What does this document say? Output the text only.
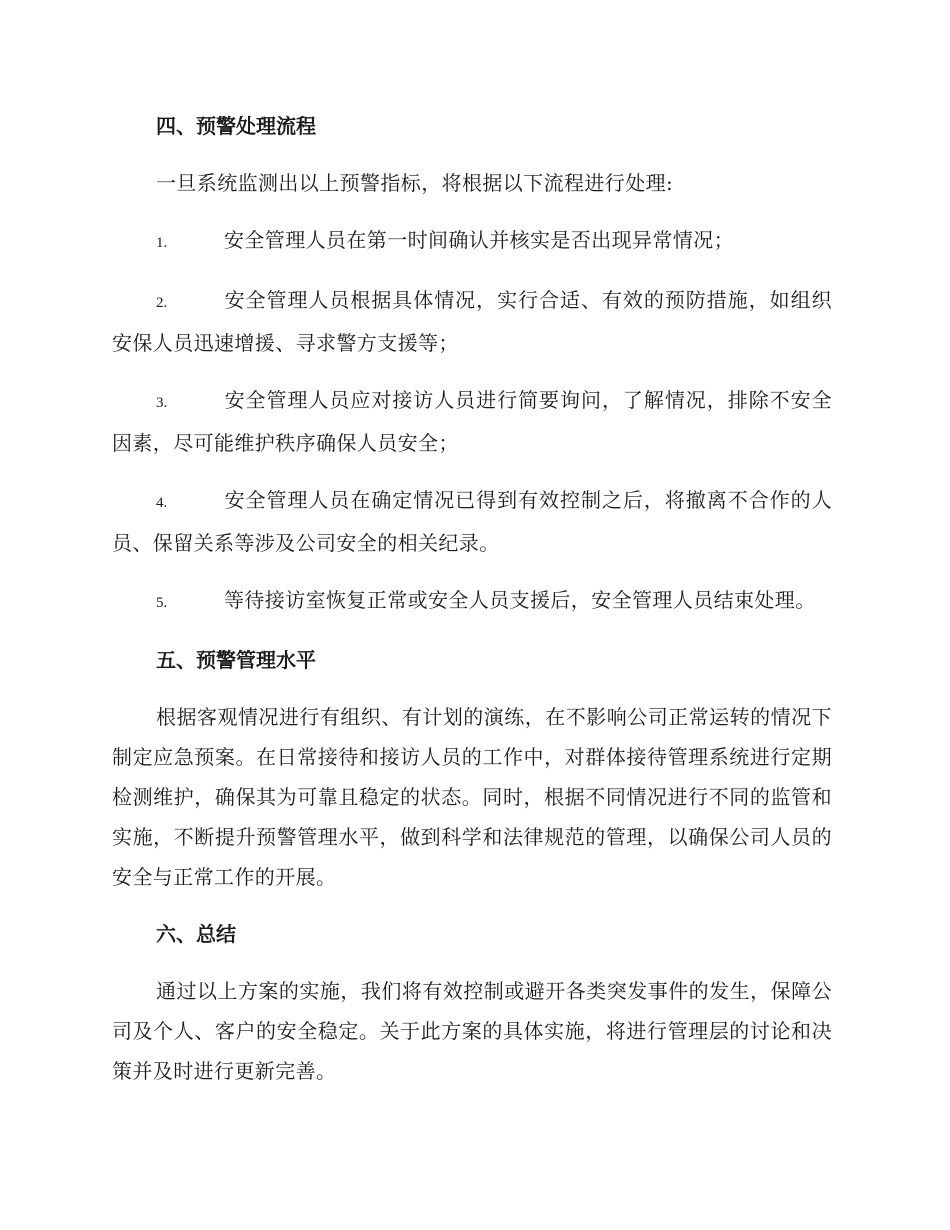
四、预警处理流程
一旦系统监测出以上预警指标，将根据以下流程进行处理:
1.	安全管理人员在第一时间确认并核实是否出现异常情况；
2.	安全管理人员根据具体情况，实行合适、有效的预防措施，如组织安保人员迅速增援、寻求警方支援等；
3.	安全管理人员应对接访人员进行简要询问，了解情况，排除不安全因素，尽可能维护秩序确保人员安全；
4.	安全管理人员在确定情况已得到有效控制之后，将撤离不合作的人员、保留关系等涉及公司安全的相关纪录。
5.	等待接访室恢复正常或安全人员支援后，安全管理人员结束处理。
五、预警管理水平
根据客观情况进行有组织、有计划的演练，在不影响公司正常运转的情况下制定应急预案。在日常接待和接访人员的工作中，对群体接待管理系统进行定期检测维护，确保其为可靠且稳定的状态。同时，根据不同情况进行不同的监管和实施，不断提升预警管理水平，做到科学和法律规范的管理，以确保公司人员的安全与正常工作的开展。
六、总结
通过以上方案的实施，我们将有效控制或避开各类突发事件的发生，保障公司及个人、客户的安全稳定。关于此方案的具体实施，将进行管理层的讨论和决策并及时进行更新完善。
